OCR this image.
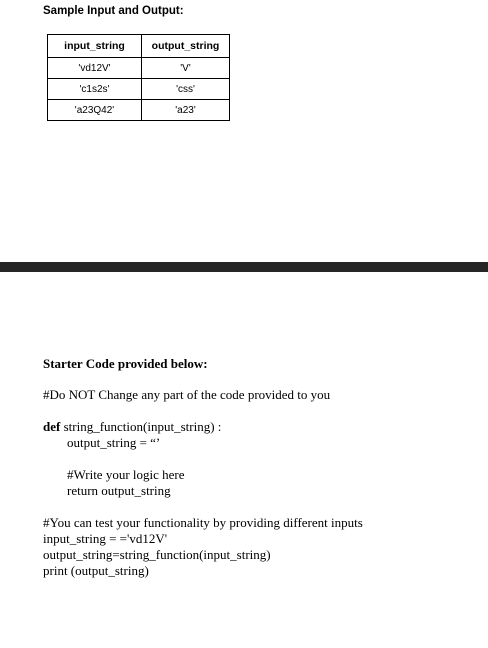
Sample Input and Output:
input_string	output_string
'vd12V'	'V'
'c1s2s'	'css'
'a23Q42'	'a23'
Starter Code provided below:
#Do NOT Change any part of the code provided to you
def string_function(input_string) :
output_string = “’
#Write your logic here
return output_string
#You can test your functionality by providing different inputs
input_string = ='vd12V'
output_string=string_function(input_string)
print (output_string)
